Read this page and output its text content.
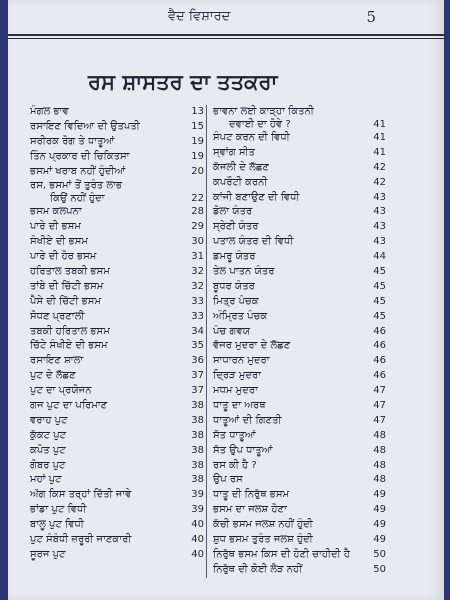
ਵੈਦ ਵਿਸ਼ਾਰਦ	5
ਰਸ ਸ਼ਾਸਤਰ ਦਾ ਤਤਕਰਾ
ਮੰਗਲ ਭਾਵ	13
ਰਸਾਇਣ ਵਿਦਿਆ ਦੀ ਉਤਪਤੀ	15
ਸਰੀਰਕ ਰੋਗ ਤੇ ਧਾਤੂਆਂ	19
ਤਿੰਨ ਪ੍ਰਕਾਰ ਦੀ ਚਿਕਿਤਸਾ	19
ਭਸਮਾਂ ਖਰਾਬ ਨਹੀਂ ਹੁੰਦੀਆਂ	20
ਰਸ, ਭਸਮਾਂ ਤੋਂ ਤੁਰੰਤ ਲਾਭ
ਕਿਉਂ ਨਹੀਂ ਹੁੰਦਾ	22
ਭਸਮ ਕਲਪਨਾ	28
ਪਾਰੇ ਦੀ ਭਸਮ	29
ਸੰਖੀਏ ਦੀ ਭਸਮ	30
ਪਾਰੇ ਦੀ ਹੋਰ ਭਸਮ	31
ਹਰਿਤਾਲ ਤਬਕੀ ਭਸਮ	32
ਤਾਂਬੇ ਦੀ ਚਿੱਟੀ ਭਸਮ	32
ਪੈਸੇ ਦੀ ਚਿੱਟੀ ਭਸਮ	33
ਸੋਧਣ ਪ੍ਰਣਾਲੀ	33
ਤਬਕੀ ਹਰਿਤਾਲ ਭਸਮ	34
ਚਿੱਟੇ ਸੰਖੀਏ ਦੀ ਭਸਮ	35
ਰਸਾਇਣ ਸ਼ਾਲਾ	36
ਪੁਟ ਦੇ ਲੱਛਣ	37
ਪੁਟ ਦਾ ਪ੍ਰਯੋਜਨ	37
ਗਜ ਪੁਟ ਦਾ ਪਰਿਮਾਣ	38
ਵਰਾਹ ਪੁਟ	38
ਕੁੱਕਟ ਪੁਟ	38
ਕਪੋਤ ਪੁਟ	38
ਗੋਬਰ ਪੁਟ	38
ਮਹਾਂ ਪੁਟ	38
ਅੱਗ ਕਿਸ ਤਰ੍ਹਾਂ ਦਿੱਤੀ ਜਾਵੇ	39
ਭਾਂਡਾ ਪੁਟ ਵਿਧੀ	39
ਬਾਲੂ ਪੁਟ ਵਿਧੀ	40
ਪੁਟ ਸੰਬੰਧੀ ਜ਼ਰੂਰੀ ਜਾਣਕਾਰੀ	40
ਸੂਰਜ ਪੁਟ	40
ਭਾਵਨਾ ਲਈ ਕਾੜ੍ਹਾ ਕਿਤਨੀ
ਦਵਾਈ ਦਾ ਹੋਵੇ ?	41
ਸੰਪਟ ਕਰਨ ਦੀ ਵਿਧੀ	41
ਸ੍ਵਾਂਗ ਸੀਤ	41
ਕੱਜਲੀ ਦੇ ਲੱਛਣ	42
ਕਪਰੌਟੀ ਕਰਨੀ	42
ਕਾਂਜੀ ਬਣਾਉਣ ਦੀ ਵਿਧੀ	43
ਡੋਲਾ ਯੰਤਰ	43
ਸ੍ਰੇਣੀ ਯੰਤਰ	43
ਪਤਾਲ ਯੰਤਰ ਦੀ ਵਿਧੀ	43
ਡਮਰੂ ਯੰਤਰ	44
ਤੇਲ ਪਾਤਨ ਯੰਤਰ	45
ਬੂਧਰ ਯੰਤਰ	45
ਮਿਤ੍ਰ ਪੰਚਕ	45
ਅੰਮ੍ਰਿਤ ਪੰਚਕ	45
ਪੰਚ ਗਵਯ	46
ਵੱਜਰ ਮੁਦਰਾ ਦੇ ਲੱਛਣ	46
ਸਾਧਾਰਨ ਮੁਦਰਾ	46
ਦ੍ਰਿੜ ਮੁਦਰਾ	46
ਮਧਮ ਮੁਦਰਾ	47
ਧਾਤੂ ਦਾ ਅਰਥ	47
ਧਾਤੂਆਂ ਦੀ ਗਿਣਤੀ	47
ਸੱਤ ਧਾਤੂਆਂ	48
ਸੱਤ ਉਪ ਧਾਤੂਆਂ	48
ਰਸ ਕੀ ਹੈ ?	48
ਉਪ ਰਸ	48
ਧਾਤੂ ਦੀ ਨਿਰੁੱਥ ਭਸਮ	49
ਭਸਮ ਦਾ ਜਲਸ਼ ਹੋਣਾ	49
ਕੱਚੀ ਭਸਮ ਜਲਸ਼ ਨਹੀਂ ਹੁੰਦੀ	49
ਸ਼ੁਧ ਭਸਮ ਤੁਰੰਤ ਜਲਸ਼ ਹੁੰਦੀ	49
ਨਿਰੁੱਥ ਭਸਮ ਕਿਸ ਦੀ ਹੋਣੀ ਚਾਹੀਦੀ ਹੈ 50
ਨਿਰੁੱਥ ਦੀ ਕੋਈ ਲੋੜ ਨਹੀਂ	50
